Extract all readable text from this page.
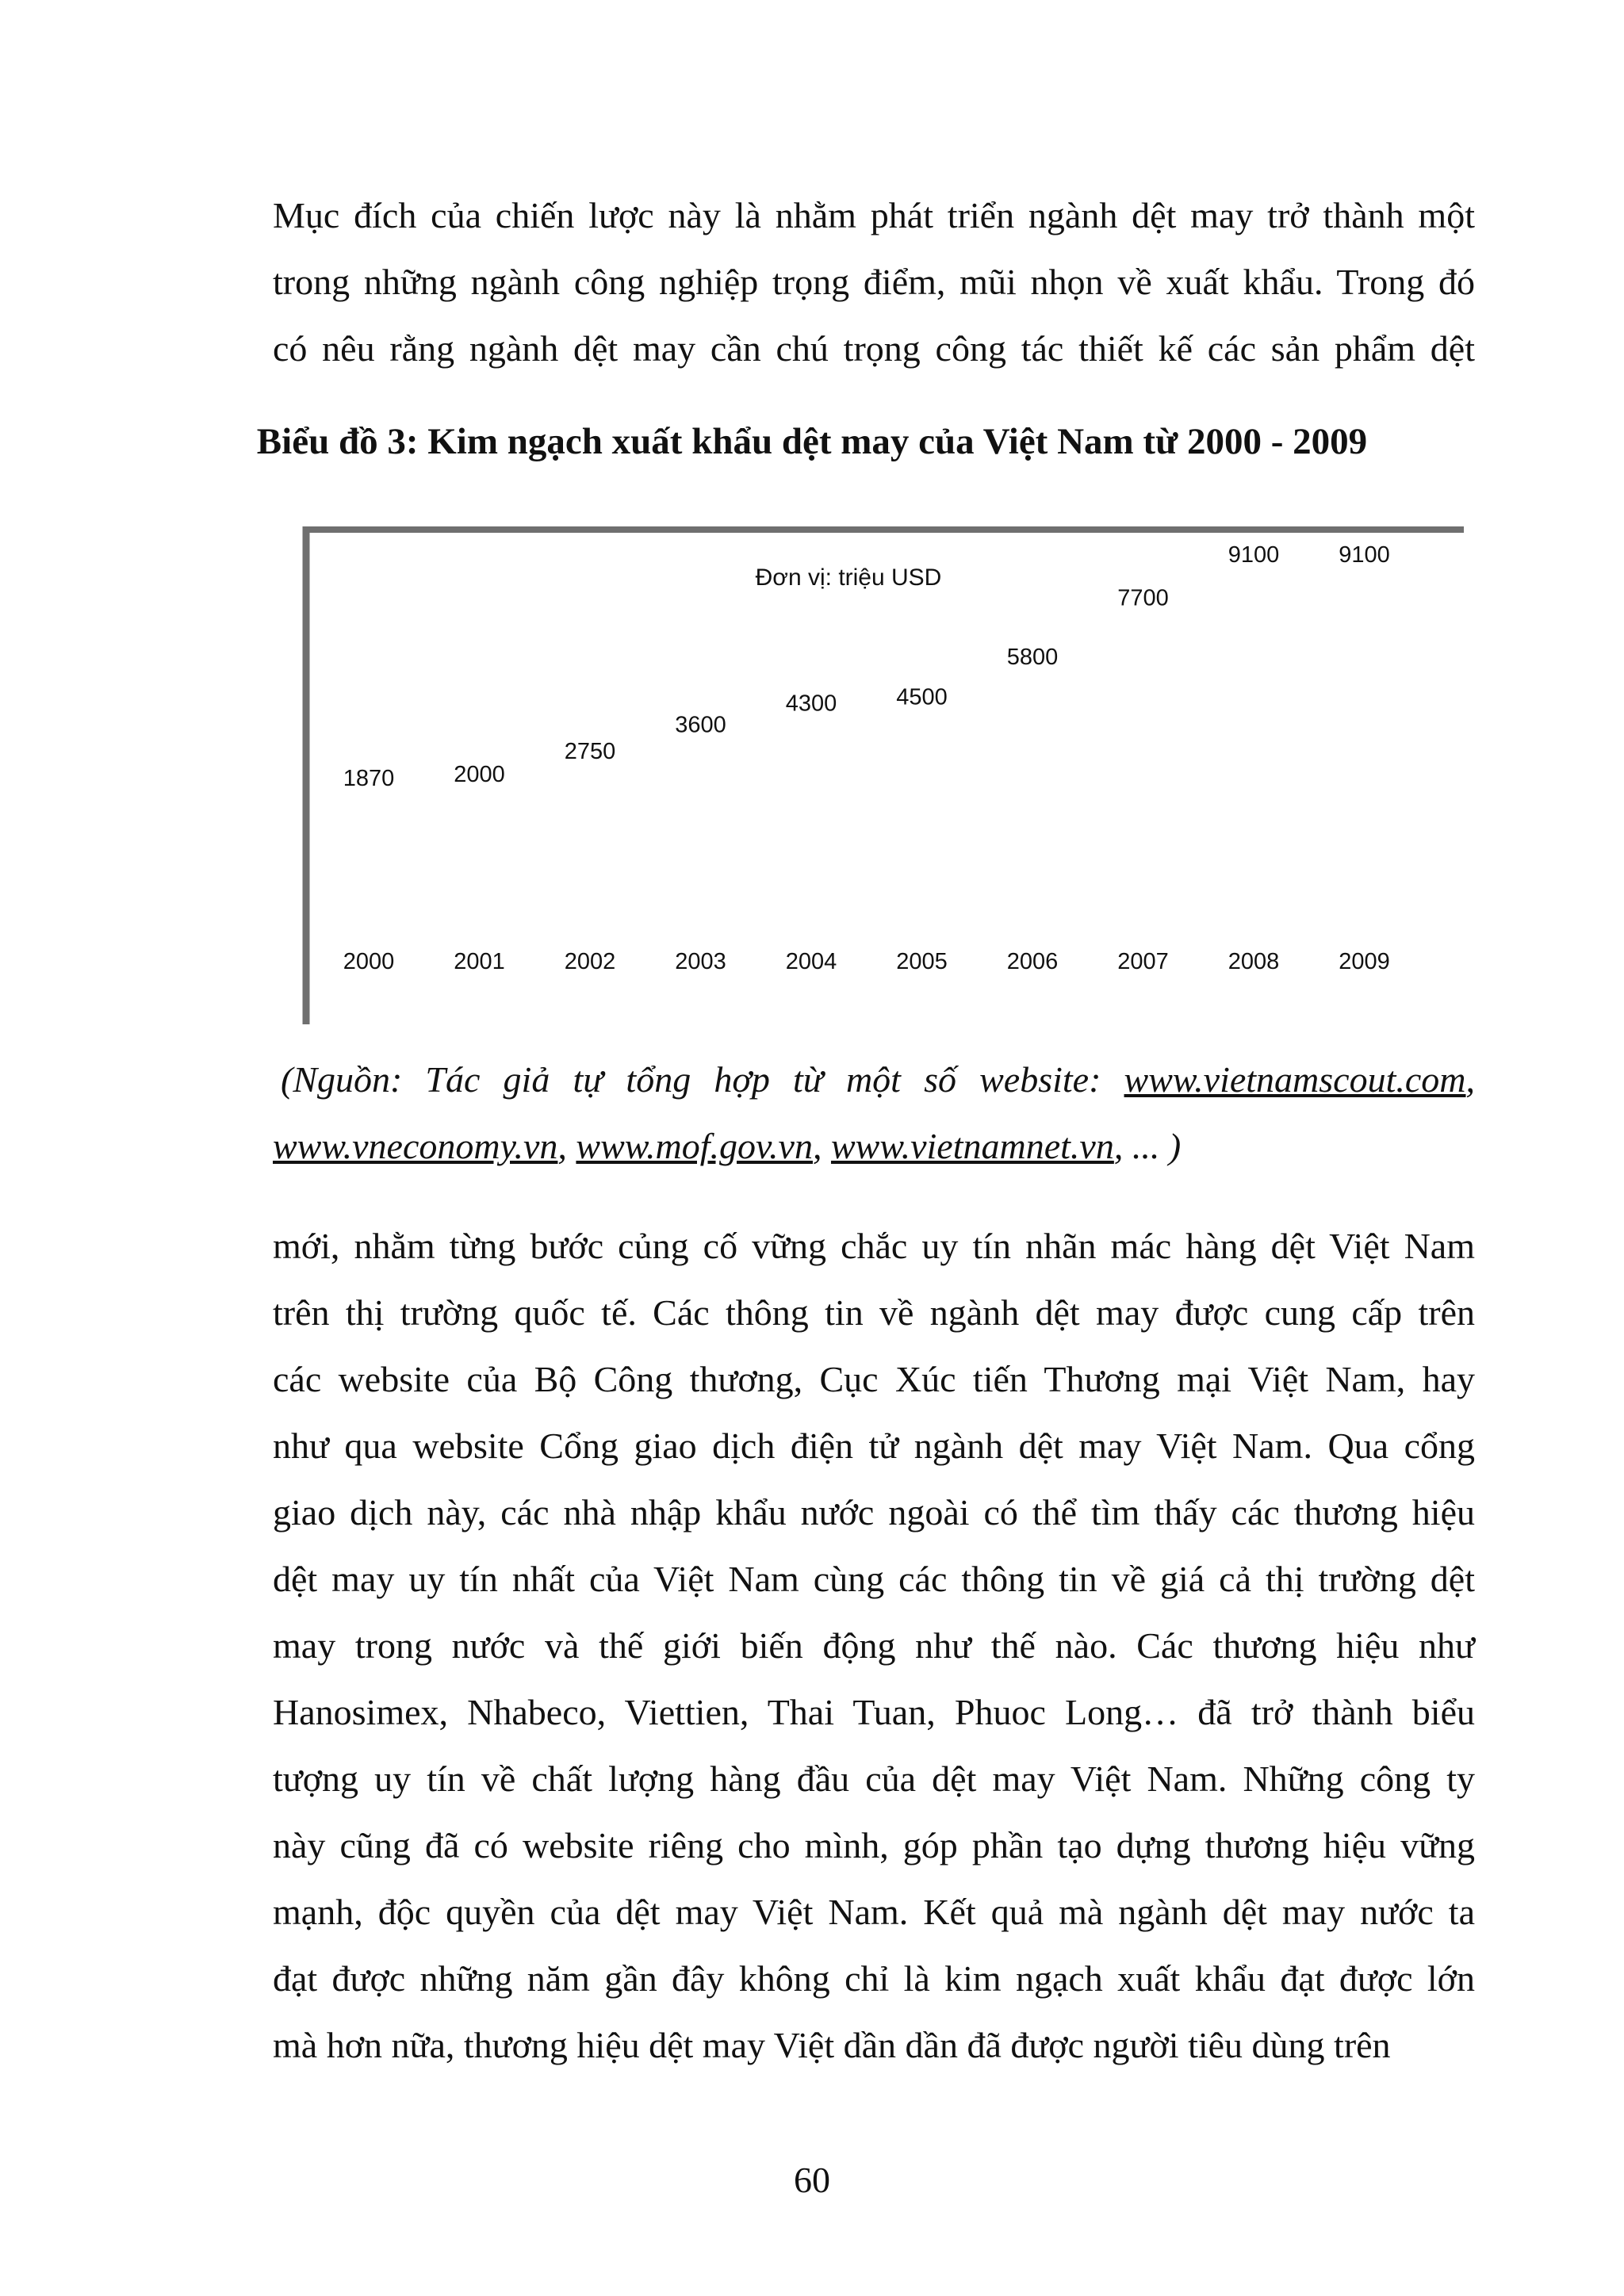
Mục đích của chiến lược này là nhằm phát triển ngành dệt may trở thành một
trong những ngành công nghiệp trọng điểm, mũi nhọn về xuất khẩu. Trong đó
có nêu rằng ngành dệt may cần chú trọng công tác thiết kế các sản phẩm dệt
Biểu đồ 3: Kim ngạch xuất khẩu dệt may của Việt Nam từ 2000 - 2009
Đơn vị: triệu USD
1870
2000
2000
2001
2750
2002
3600
2003
4300
2004
4500
2005
5800
2006
7700
2007
9100
2008
9100
2009

(Nguồn: Tác giả tự tổng hợp từ một số website: www.vietnamscout.com,
www.vneconomy.vn, www.mof.gov.vn, www.vietnamnet.vn, ... )

mới, nhằm từng bước củng cố vững chắc uy tín nhãn mác hàng dệt Việt Nam
trên thị trường quốc tế. Các thông tin về ngành dệt may được cung cấp trên
các website của Bộ Công thương, Cục Xúc tiến Thương mại Việt Nam, hay
như qua website Cổng giao dịch điện tử ngành dệt may Việt Nam. Qua cổng
giao dịch này, các nhà nhập khẩu nước ngoài có thể tìm thấy các thương hiệu
dệt may uy tín nhất của Việt Nam cùng các thông tin về giá cả thị trường dệt
may trong nước và thế giới biến động như thế nào. Các thương hiệu như
Hanosimex, Nhabeco, Viettien, Thai Tuan, Phuoc Long… đã trở thành biểu
tượng uy tín về chất lượng hàng đầu của dệt may Việt Nam. Những công ty
này cũng đã có website riêng cho mình, góp phần tạo dựng thương hiệu vững
mạnh, độc quyền của dệt may Việt Nam. Kết quả mà ngành dệt may nước ta
đạt được những năm gần đây không chỉ là kim ngạch xuất khẩu đạt được lớn
mà hơn nữa, thương hiệu dệt may Việt dần dần đã được người tiêu dùng trên

60
